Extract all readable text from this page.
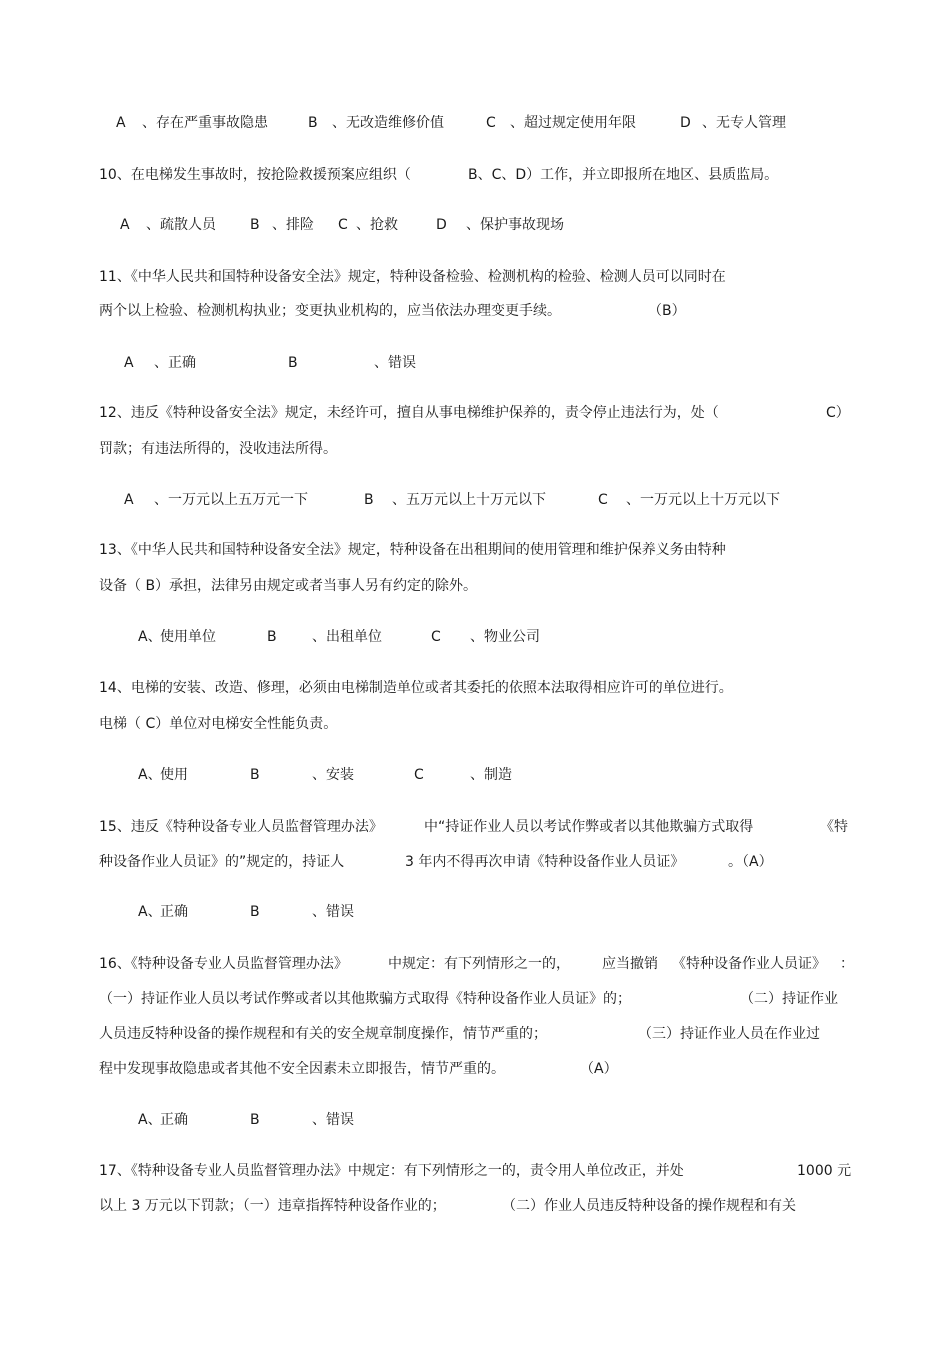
A 、存在严重事故隐患	B 、无改造维修价值	C 、超过规定使用年限	D 、无专人管理
10、在电梯发生事故时，按抢险救援预案应组织（	B、C、D）工作，并立即报所在地区、县质监局。
A 、疏散人员 B 、排险 C 、抢救	D 、保护事故现场
11、《中华人民共和国特种设备安全法》规定，特种设备检验、检测机构的检验、检测人员可以同时在
两个以上检验、检测机构执业；变更执业机构的，应当依法办理变更手续。	（B）
A 、正确	B	、错误
12、违反《特种设备安全法》规定，未经许可，擅自从事电梯维护保养的，责令停止违法行为，处（	C）
罚款；有违法所得的，没收违法所得。
A 、一万元以上五万元一下	B 、五万元以上十万元以下	C 、一万元以上十万元以下
13、《中华人民共和国特种设备安全法》规定，特种设备在出租期间的使用管理和维护保养义务由特种
设备（ B）承担，法律另由规定或者当事人另有约定的除外。
A、
使用单位	B	、出租单位	C 、物业公司
14、电梯的安装、改造、修理，必须由电梯制造单位或者其委托的依照本法取得相应许可的单位进行。
电梯（ C）单位对电梯安全性能负责。
A、
使用	B	、安装	C	、制造
15、违反《特种设备专业人员监督管理办法》	中“持证作业人员以考试作弊或者以其他欺骗方式取得	《特
种设备作业人员证》的”规定的，持证人	3 年内不得再次申请《特种设备作业人员证》	。（A）
A、
正确	B	、错误
16、《特种设备专业人员监督管理办法》	中规定：有下列情形之一的， 应当撤销 《特种设备作业人员证》 ：
（一）持证作业人员以考试作弊或者以其他欺骗方式取得《特种设备作业人员证》的；	（二）持证作业
人员违反特种设备的操作规程和有关的安全规章制度操作，情节严重的；	（三）持证作业人员在作业过
程中发现事故隐患或者其他不安全因素未立即报告，情节严重的。	（A）
A、
正确	B	、错误
17、《特种设备专业人员监督管理办法》中规定：有下列情形之一的，责令用人单位改正，并处	1000 元
以上 3 万元以下罚款；（一）违章指挥特种设备作业的；	（二）作业人员违反特种设备的操作规程和有关
